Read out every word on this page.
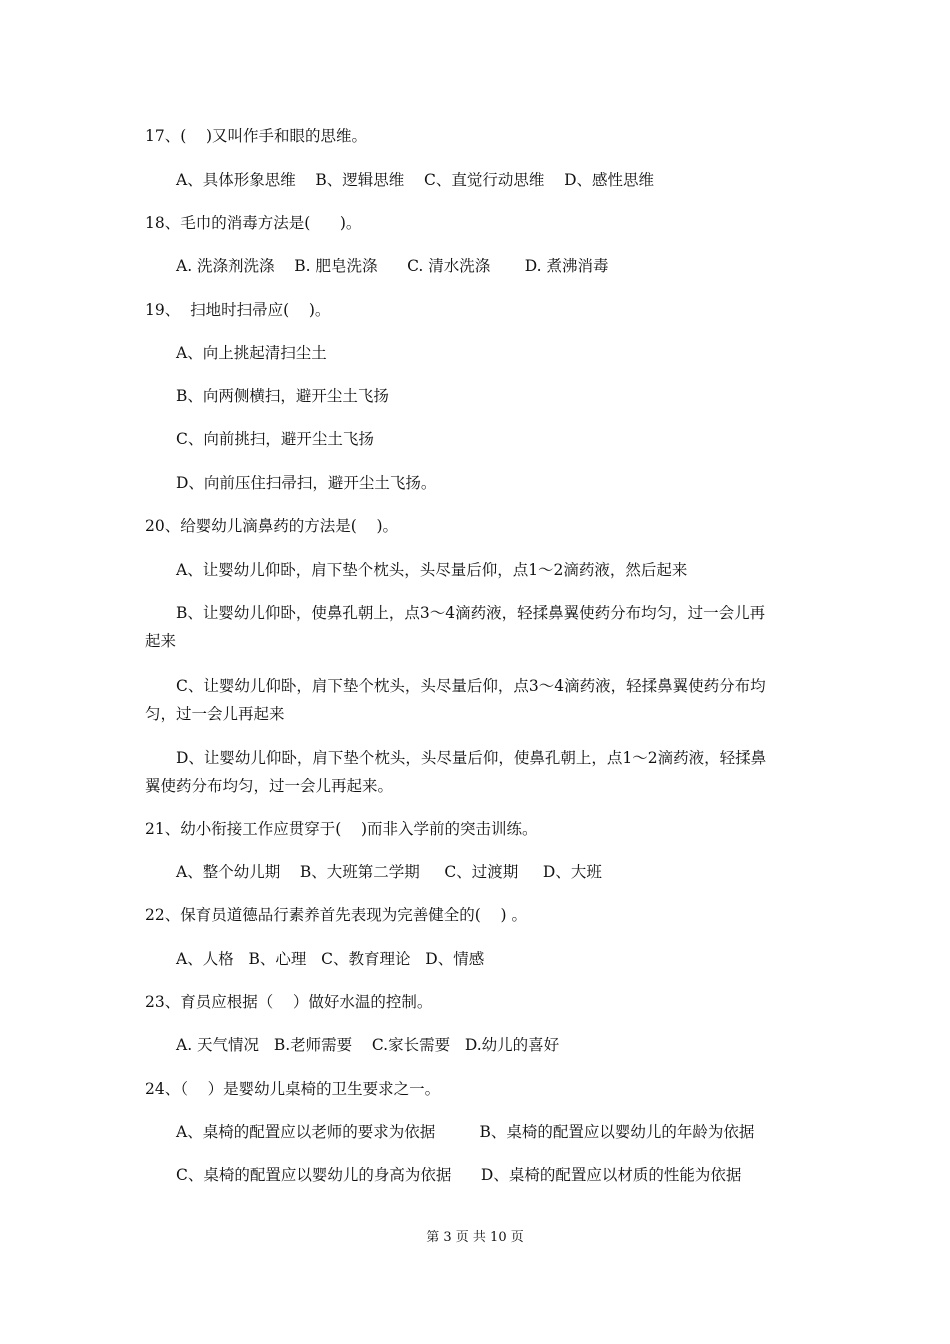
17、(    )又叫作手和眼的思维。
A、具体形象思维    B、逻辑思维    C、直觉行动思维    D、感性思维
18、毛巾的消毒方法是(      )。
A. 洗涤剂洗涤    B. 肥皂洗涤      C. 清水洗涤       D. 煮沸消毒
19、  扫地时扫帚应(    )。
A、向上挑起清扫尘土
B、向两侧横扫，避开尘土飞扬
C、向前挑扫，避开尘土飞扬
D、向前压住扫帚扫，避开尘土飞扬。
20、给婴幼儿滴鼻药的方法是(    )。
A、让婴幼儿仰卧，肩下垫个枕头，头尽量后仰，点1～2滴药液，然后起来
B、让婴幼儿仰卧，使鼻孔朝上，点3～4滴药液，轻揉鼻翼使药分布均匀，过一会儿再
起来
C、让婴幼儿仰卧，肩下垫个枕头，头尽量后仰，点3～4滴药液，轻揉鼻翼使药分布均
匀，过一会儿再起来
D、让婴幼儿仰卧，肩下垫个枕头，头尽量后仰，使鼻孔朝上，点1～2滴药液，轻揉鼻
翼使药分布均匀，过一会儿再起来。
21、幼小衔接工作应贯穿于(    )而非入学前的突击训练。
A、整个幼儿期    B、大班第二学期     C、过渡期     D、大班
22、保育员道德品行素养首先表现为完善健全的(    ) 。
A、人格   B、心理   C、教育理论   D、情感
23、育员应根据（    ）做好水温的控制。
A. 天气情况   B.老师需要    C.家长需要   D.幼儿的喜好
24、（    ）是婴幼儿桌椅的卫生要求之一。
A、桌椅的配置应以老师的要求为依据         B、桌椅的配置应以婴幼儿的年龄为依据
C、桌椅的配置应以婴幼儿的身高为依据      D、桌椅的配置应以材质的性能为依据
第 3 页 共 10 页
